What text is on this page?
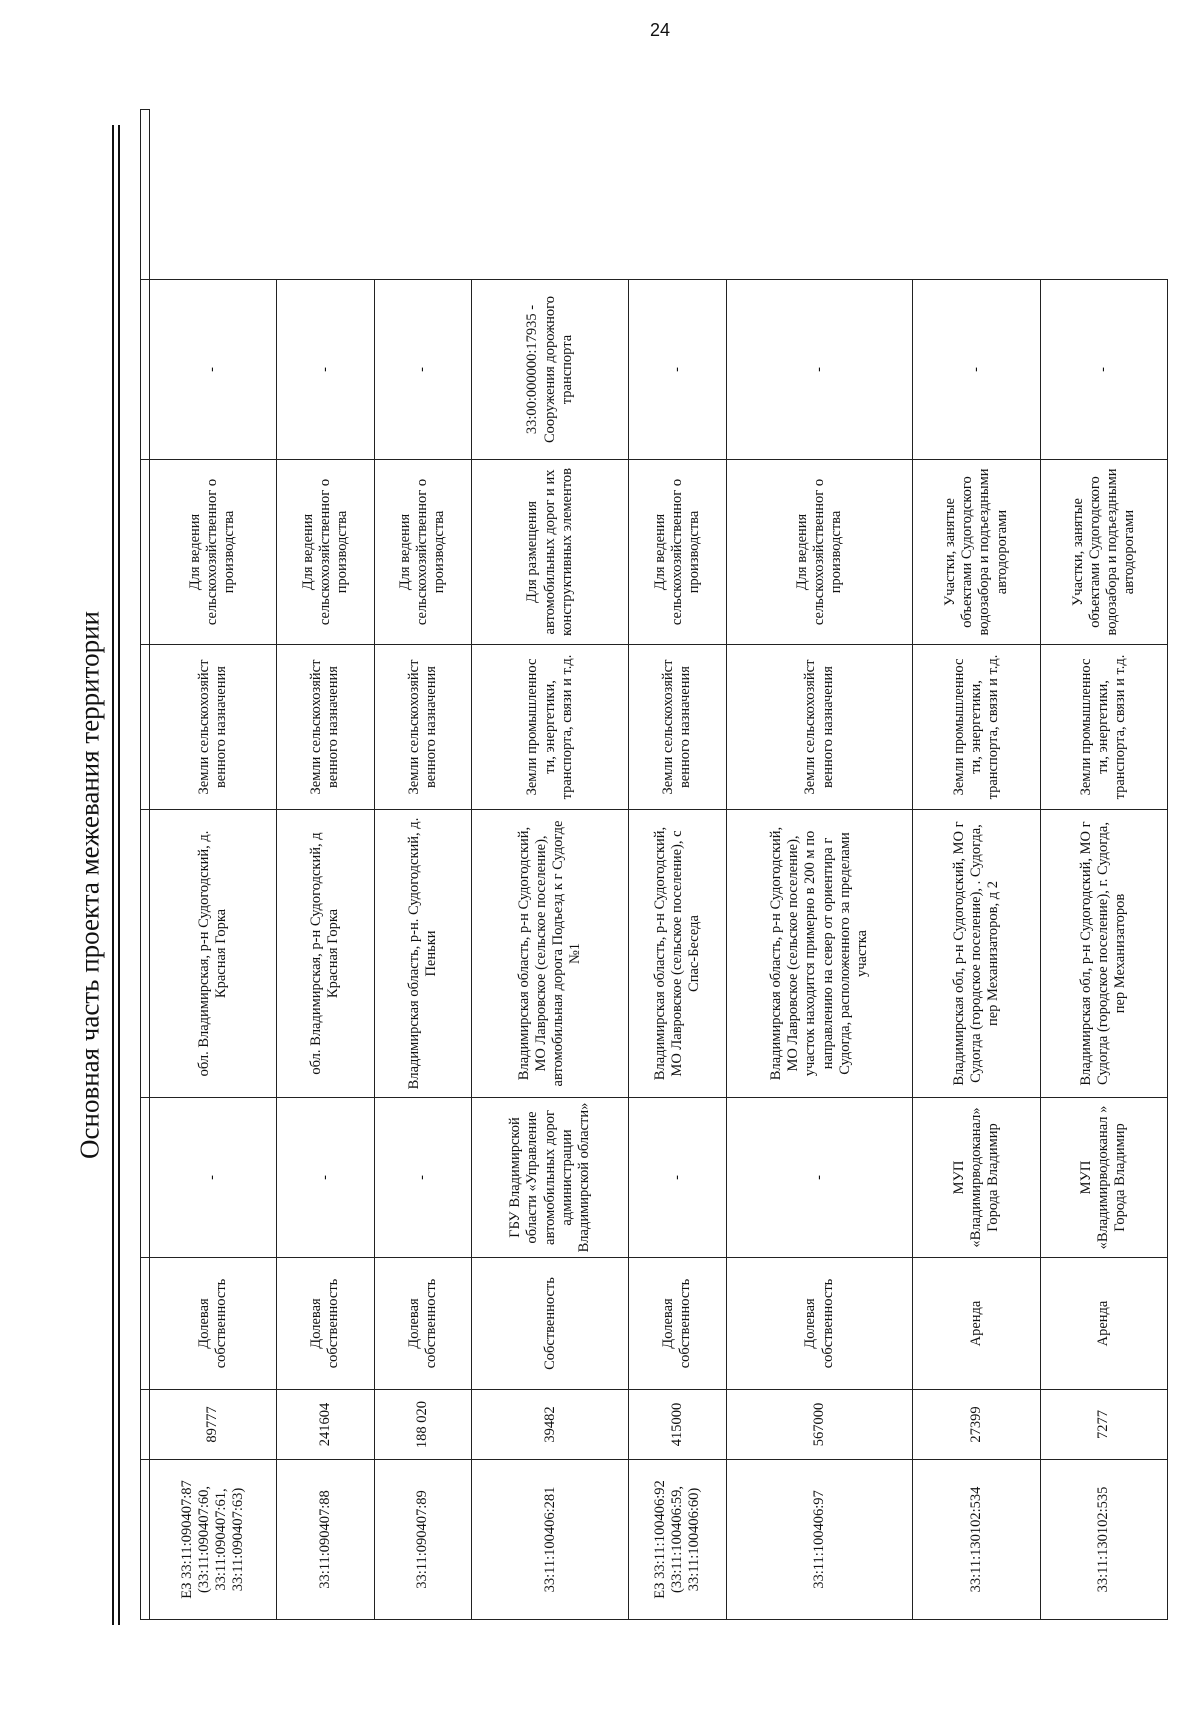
24
Основная часть проекта межевания территории

ЕЗ 33:11:090407:87 (33:11:090407:60, 33:11:090407:61, 33:11:090407:63)	89777	Долевая собственность	-	обл. Владимирская, р-н Судогодский, д. Красная Горка	Земли сельскохозяйст венного назначения	Для ведения сельскохозяйственног о производства	-	
33:11:090407:88	241604	Долевая собственность	-	обл. Владимирская, р-н Судогодский, д Красная Горка	Земли сельскохозяйст венного назначения	Для ведения сельскохозяйственног о производства	-	
33:11:090407:89	188 020	Долевая собственность	-	Владимирская область, р-н. Судогодский, д. Пеньки	Земли сельскохозяйст венного назначения	Для ведения сельскохозяйственног о производства	-	
33:11:100406:281	39482	Собственность	ГБУ Владимирской области «Управление автомобильных дорог администрации Владимирской области»	Владимирская область, р-н Судогодский, МО Лавровское (сельское поселение), автомобильная дорога Подъезд к г Судогде №1	Земли промышленнос ти, энергетики, транспорта, связи и т.д.	Для размещения автомобильных дорог и их конструктивных элементов	33:00:000000:17935 - Сооружения дорожного транспорта	
ЕЗ 33:11:100406:92 (33:11:100406:59, 33:11:100406:60)	415000	Долевая собственность	-	Владимирская область, р-н Судогодский, МО Лавровское (сельское поселение), с Спас-Беседа	Земли сельскохозяйст венного назначения	Для ведения сельскохозяйственног о производства	-	
33:11:100406:97	567000	Долевая собственность	-	Владимирская область, р-н Судогодский, МО Лавровское (сельское поселение), участок находится примерно в 200 м по направлению на север от ориентира г Судогда, расположенного за пределами участка	Земли сельскохозяйст венного назначения	Для ведения сельскохозяйственног о производства	-	
33:11:130102:534	27399	Аренда	МУП «Владимирводоканал» Города Владимир	Владимирская обл, р-н Судогодский, МО г Судогда (городское поселение), . Судогда, пер Механизаторов, д 2	Земли промышленнос ти, энергетики, транспорта, связи и т.д.	Участки, занятые объектами Судогодского водозабора и подъездными автодорогами	-	
33:11:130102:535	7277	Аренда	МУП «Владимирводоканал » Города Владимир	Владимирская обл, р-н Судогодский, МО г Судогда (городское поселение), г. Судогда, пер Механизаторов	Земли промышленнос ти, энергетики, транспорта, связи и т.д.	Участки, занятые объектами Судогодского водозабора и подъездными автодорогами	-	
